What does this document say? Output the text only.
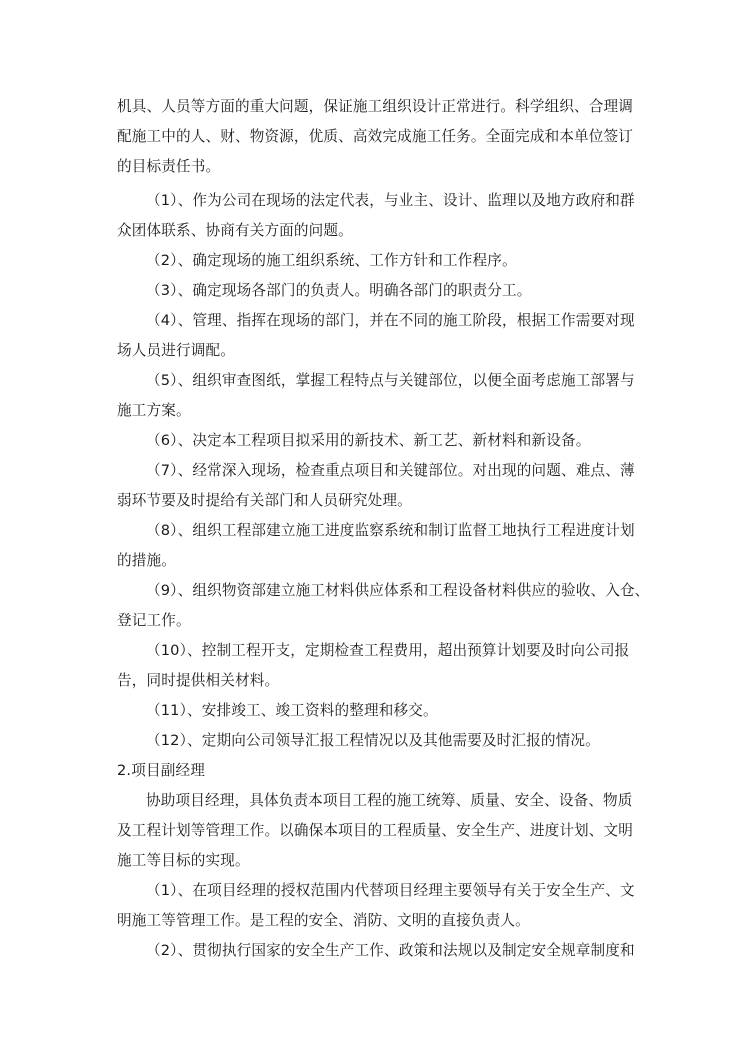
机具、人员等方面的重大问题，保证施工组织设计正常进行。科学组织、合理调
配施工中的人、财、物资源，优质、高效完成施工任务。全面完成和本单位签订
的目标责任书。
（1）、作为公司在现场的法定代表，与业主、设计、监理以及地方政府和群
众团体联系、协商有关方面的问题。
（2）、确定现场的施工组织系统、工作方针和工作程序。
（3）、确定现场各部门的负责人。明确各部门的职责分工。
（4）、管理、指挥在现场的部门，并在不同的施工阶段，根据工作需要对现
场人员进行调配。
（5）、组织审查图纸，掌握工程特点与关键部位，以便全面考虑施工部署与
施工方案。
（6）、决定本工程项目拟采用的新技术、新工艺、新材料和新设备。
（7）、经常深入现场，检查重点项目和关键部位。对出现的问题、难点、薄
弱环节要及时提给有关部门和人员研究处理。
（8）、组织工程部建立施工进度监察系统和制订监督工地执行工程进度计划
的措施。
（9）、组织物资部建立施工材料供应体系和工程设备材料供应的验收、入仓、
登记工作。
（10）、控制工程开支，定期检查工程费用，超出预算计划要及时向公司报
告，同时提供相关材料。
（11）、安排竣工、竣工资料的整理和移交。
（12）、定期向公司领导汇报工程情况以及其他需要及时汇报的情况。
2.项目副经理
协助项目经理，具体负责本项目工程的施工统筹、质量、安全、设备、物质
及工程计划等管理工作。以确保本项目的工程质量、安全生产、进度计划、文明
施工等目标的实现。
（1）、在项目经理的授权范围内代替项目经理主要领导有关于安全生产、文
明施工等管理工作。是工程的安全、消防、文明的直接负责人。
（2）、贯彻执行国家的安全生产工作、政策和法规以及制定安全规章制度和
